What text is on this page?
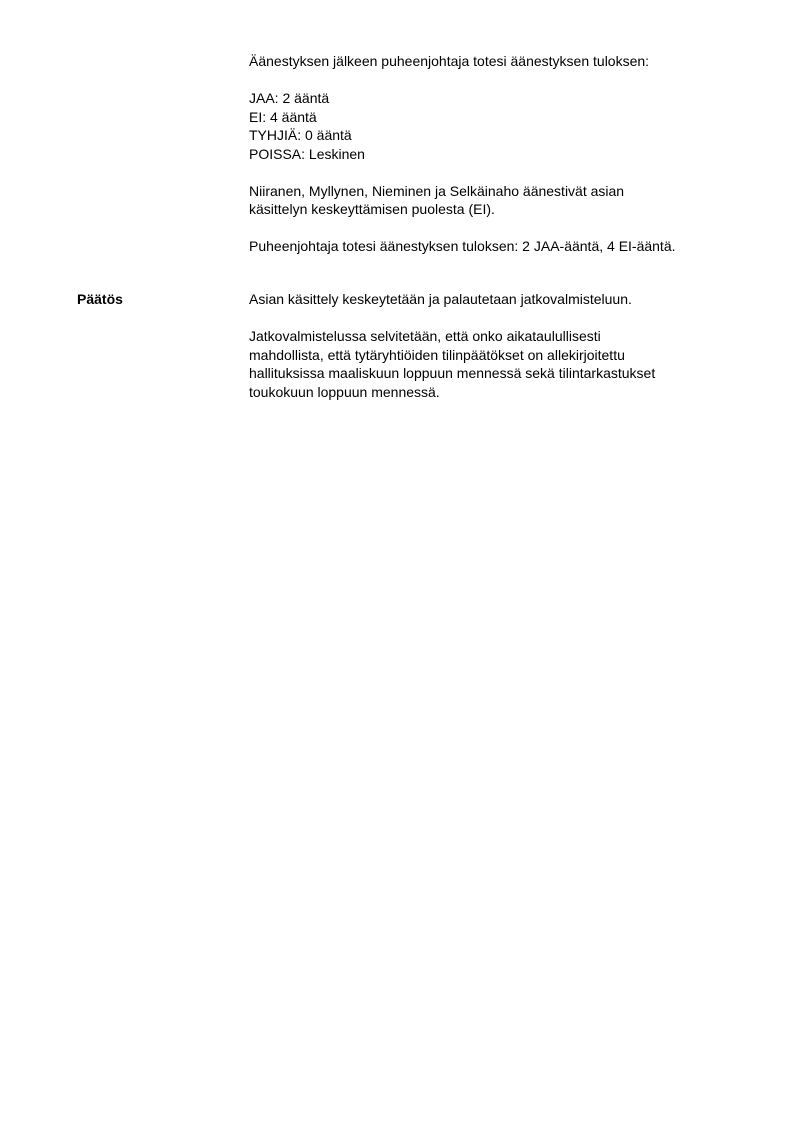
Äänestyksen jälkeen puheenjohtaja totesi äänestyksen tuloksen:
JAA: 2 ääntä
EI: 4 ääntä
TYHJIÄ: 0 ääntä
POISSA: Leskinen
Niiranen, Myllynen, Nieminen ja Selkäinaho äänestivät asian
käsittelyn keskeyttämisen puolesta (EI).
Puheenjohtaja totesi äänestyksen tuloksen: 2 JAA-ääntä, 4 EI-ääntä.
Päätös	Asian käsittely keskeytetään ja palautetaan jatkovalmisteluun.
Jatkovalmistelussa selvitetään, että onko aikataulullisesti
mahdollista, että tytäryhtiöiden tilinpäätökset on allekirjoitettu
hallituksissa maaliskuun loppuun mennessä sekä tilintarkastukset
toukokuun loppuun mennessä.
